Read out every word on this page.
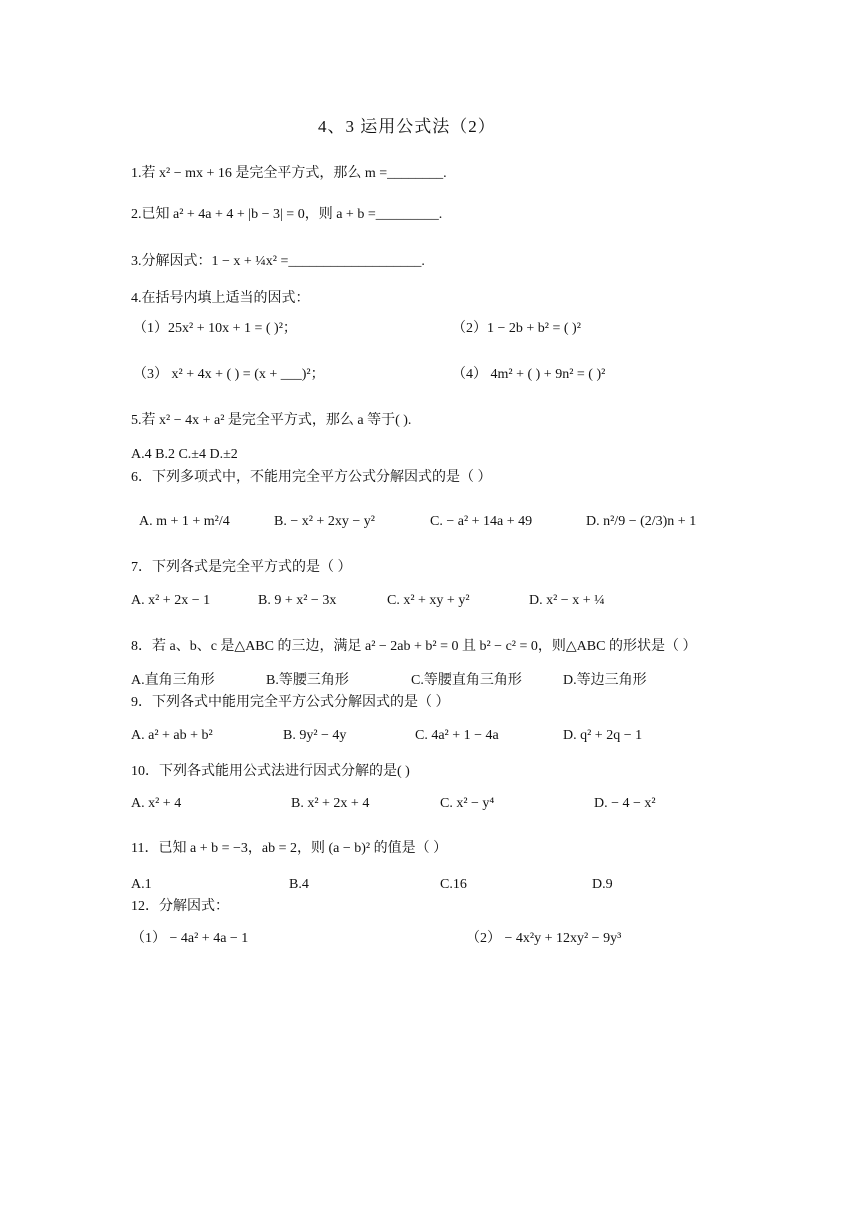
4、3 运用公式法（2）
1.若 x² − mx + 16 是完全平方式，那么 m =________.
2.已知 a² + 4a + 4 + |b − 3| = 0，则 a + b =_________.
3.分解因式：1 − x + ¼x² =___________________.
4.在括号内填上适当的因式：
（1）25x² + 10x + 1 = ( )²；	（2）1 − 2b + b² = ( )²
（3） x² + 4x + ( ) = (x + ___)²；	（4） 4m² + ( ) + 9n² = ( )²
5.若 x² − 4x + a² 是完全平方式，那么 a 等于( ).
A.4 B.2 C.±4 D.±2
6．下列多项式中，不能用完全平方公式分解因式的是（ ）
A. m + 1 + m²/4	B. − x² + 2xy − y²	C. − a² + 14a + 49	D. n²/9 − (2/3)n + 1
7．下列各式是完全平方式的是（ ）
A. x² + 2x − 1	B. 9 + x² − 3x	C. x² + xy + y²	D. x² − x + ¼
8．若 a、b、c 是△ABC 的三边，满足 a² − 2ab + b² = 0 且 b² − c² = 0，则△ABC 的形状是（ ）
A.直角三角形	B.等腰三角形	C.等腰直角三角形	D.等边三角形
9．下列各式中能用完全平方公式分解因式的是（ ）
A. a² + ab + b²	B. 9y² − 4y	C. 4a² + 1 − 4a	D. q² + 2q − 1
10．下列各式能用公式法进行因式分解的是( )
A. x² + 4	B. x² + 2x + 4	C. x² − y⁴	D. − 4 − x²
11．已知 a + b = −3，ab = 2，则 (a − b)² 的值是（ ）
A.1	B.4	C.16	D.9
12．分解因式：
（1） − 4a² + 4a − 1	（2） − 4x²y + 12xy² − 9y³
